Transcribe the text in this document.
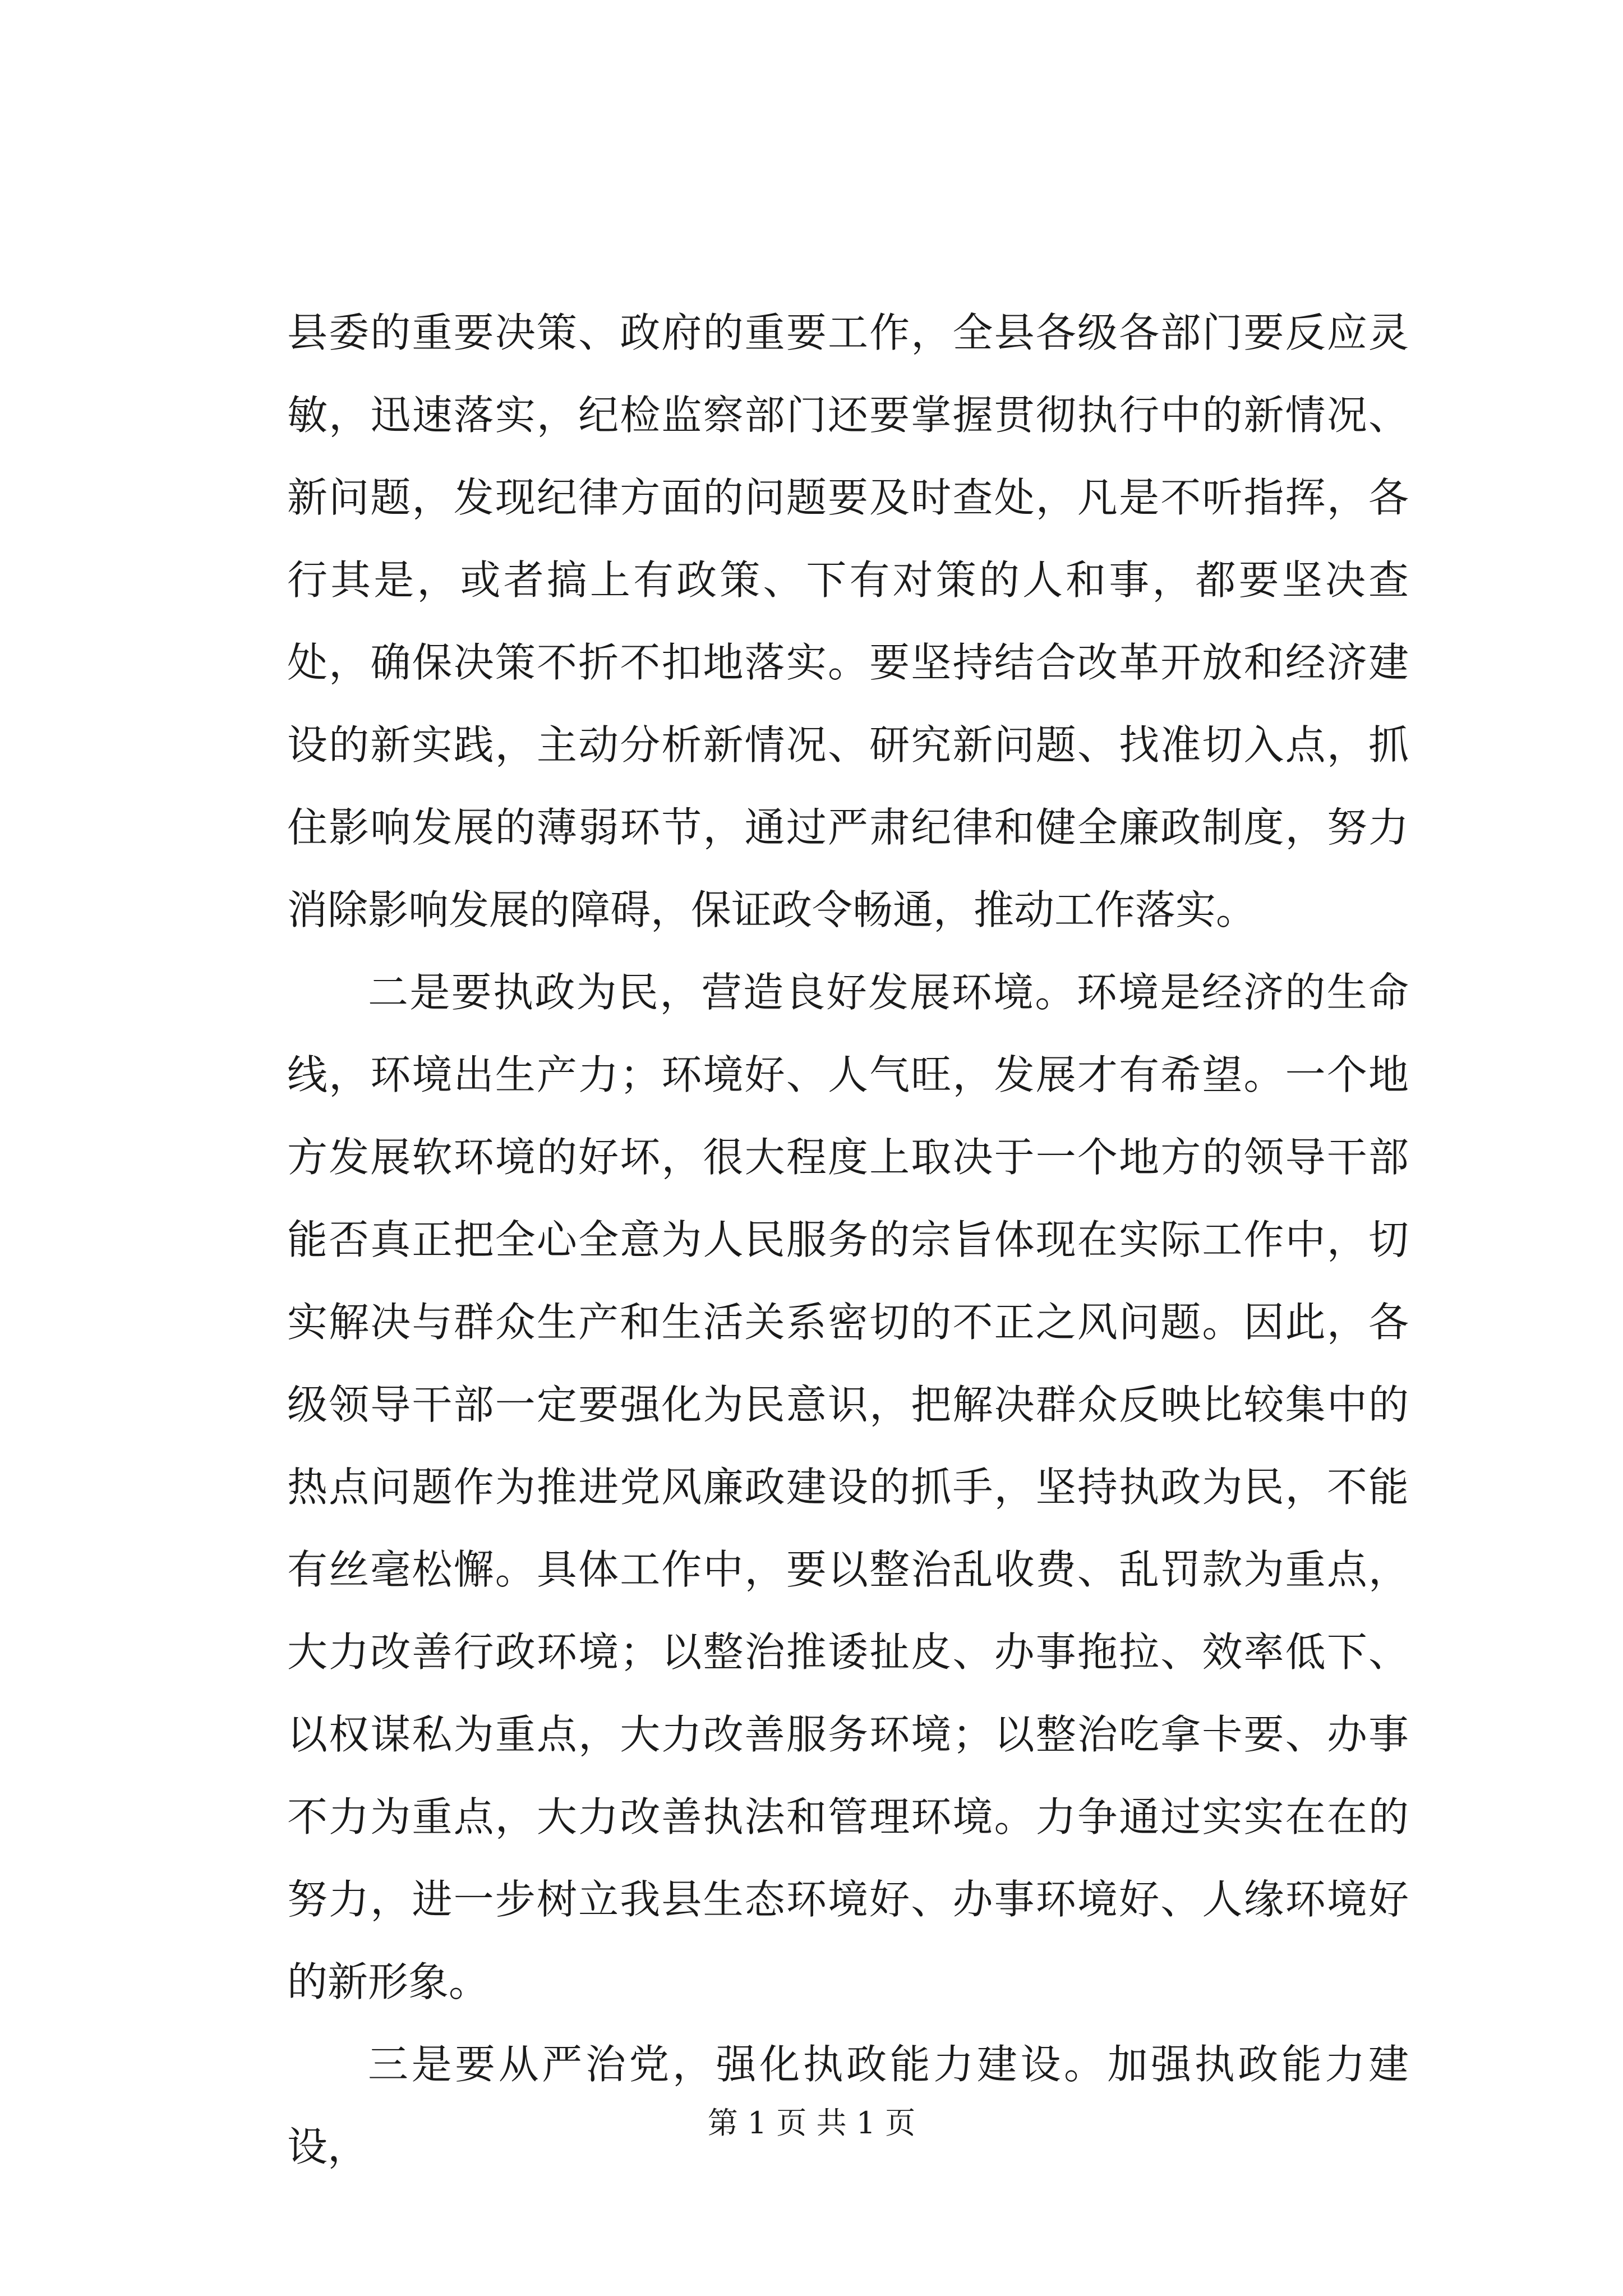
县委的重要决策、政府的重要工作，全县各级各部门要反应灵敏，迅速落实，纪检监察部门还要掌握贯彻执行中的新情况、新问题，发现纪律方面的问题要及时查处，凡是不听指挥，各行其是，或者搞上有政策、下有对策的人和事，都要坚决查处，确保决策不折不扣地落实。要坚持结合改革开放和经济建设的新实践，主动分析新情况、研究新问题、找准切入点，抓住影响发展的薄弱环节，通过严肃纪律和健全廉政制度，努力消除影响发展的障碍，保证政令畅通，推动工作落实。

二是要执政为民，营造良好发展环境。环境是经济的生命线，环境出生产力；环境好、人气旺，发展才有希望。一个地方发展软环境的好坏，很大程度上取决于一个地方的领导干部能否真正把全心全意为人民服务的宗旨体现在实际工作中，切实解决与群众生产和生活关系密切的不正之风问题。因此，各级领导干部一定要强化为民意识，把解决群众反映比较集中的热点问题作为推进党风廉政建设的抓手，坚持执政为民，不能有丝毫松懈。具体工作中，要以整治乱收费、乱罚款为重点，大力改善行政环境；以整治推诿扯皮、办事拖拉、效率低下、以权谋私为重点，大力改善服务环境；以整治吃拿卡要、办事不力为重点，大力改善执法和管理环境。力争通过实实在在的努力，进一步树立我县生态环境好、办事环境好、人缘环境好的新形象。

三是要从严治党，强化执政能力建设。加强执政能力建设，

第 1 页 共 1 页
